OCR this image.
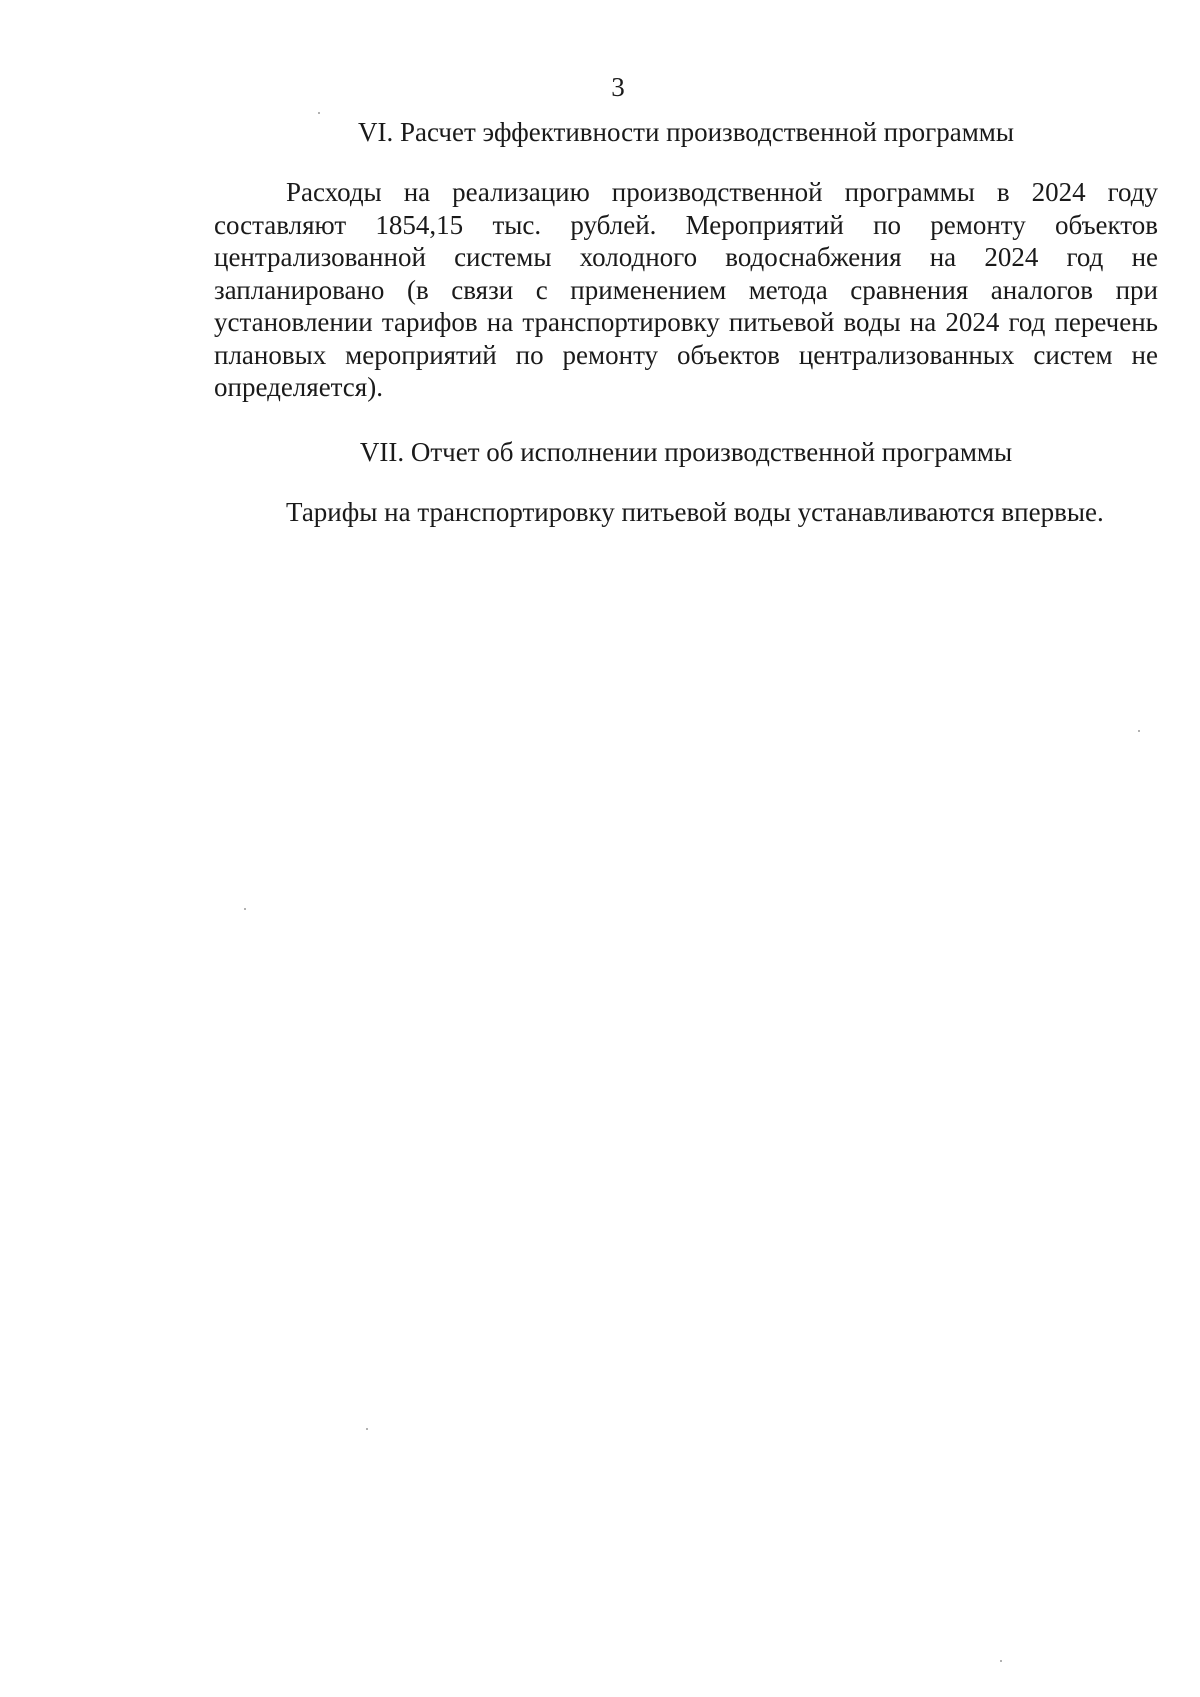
3

VI. Расчет эффективности производственной программы

Расходы на реализацию производственной программы в 2024 году составляют 1854,15 тыс. рублей. Мероприятий по ремонту объектов централизованной системы холодного водоснабжения на 2024 год не запланировано (в связи с применением метода сравнения аналогов при установлении тарифов на транспортировку питьевой воды на 2024 год перечень плановых мероприятий по ремонту объектов централизованных систем не определяется).

VII. Отчет об исполнении производственной программы

Тарифы на транспортировку питьевой воды устанавливаются впервые.
